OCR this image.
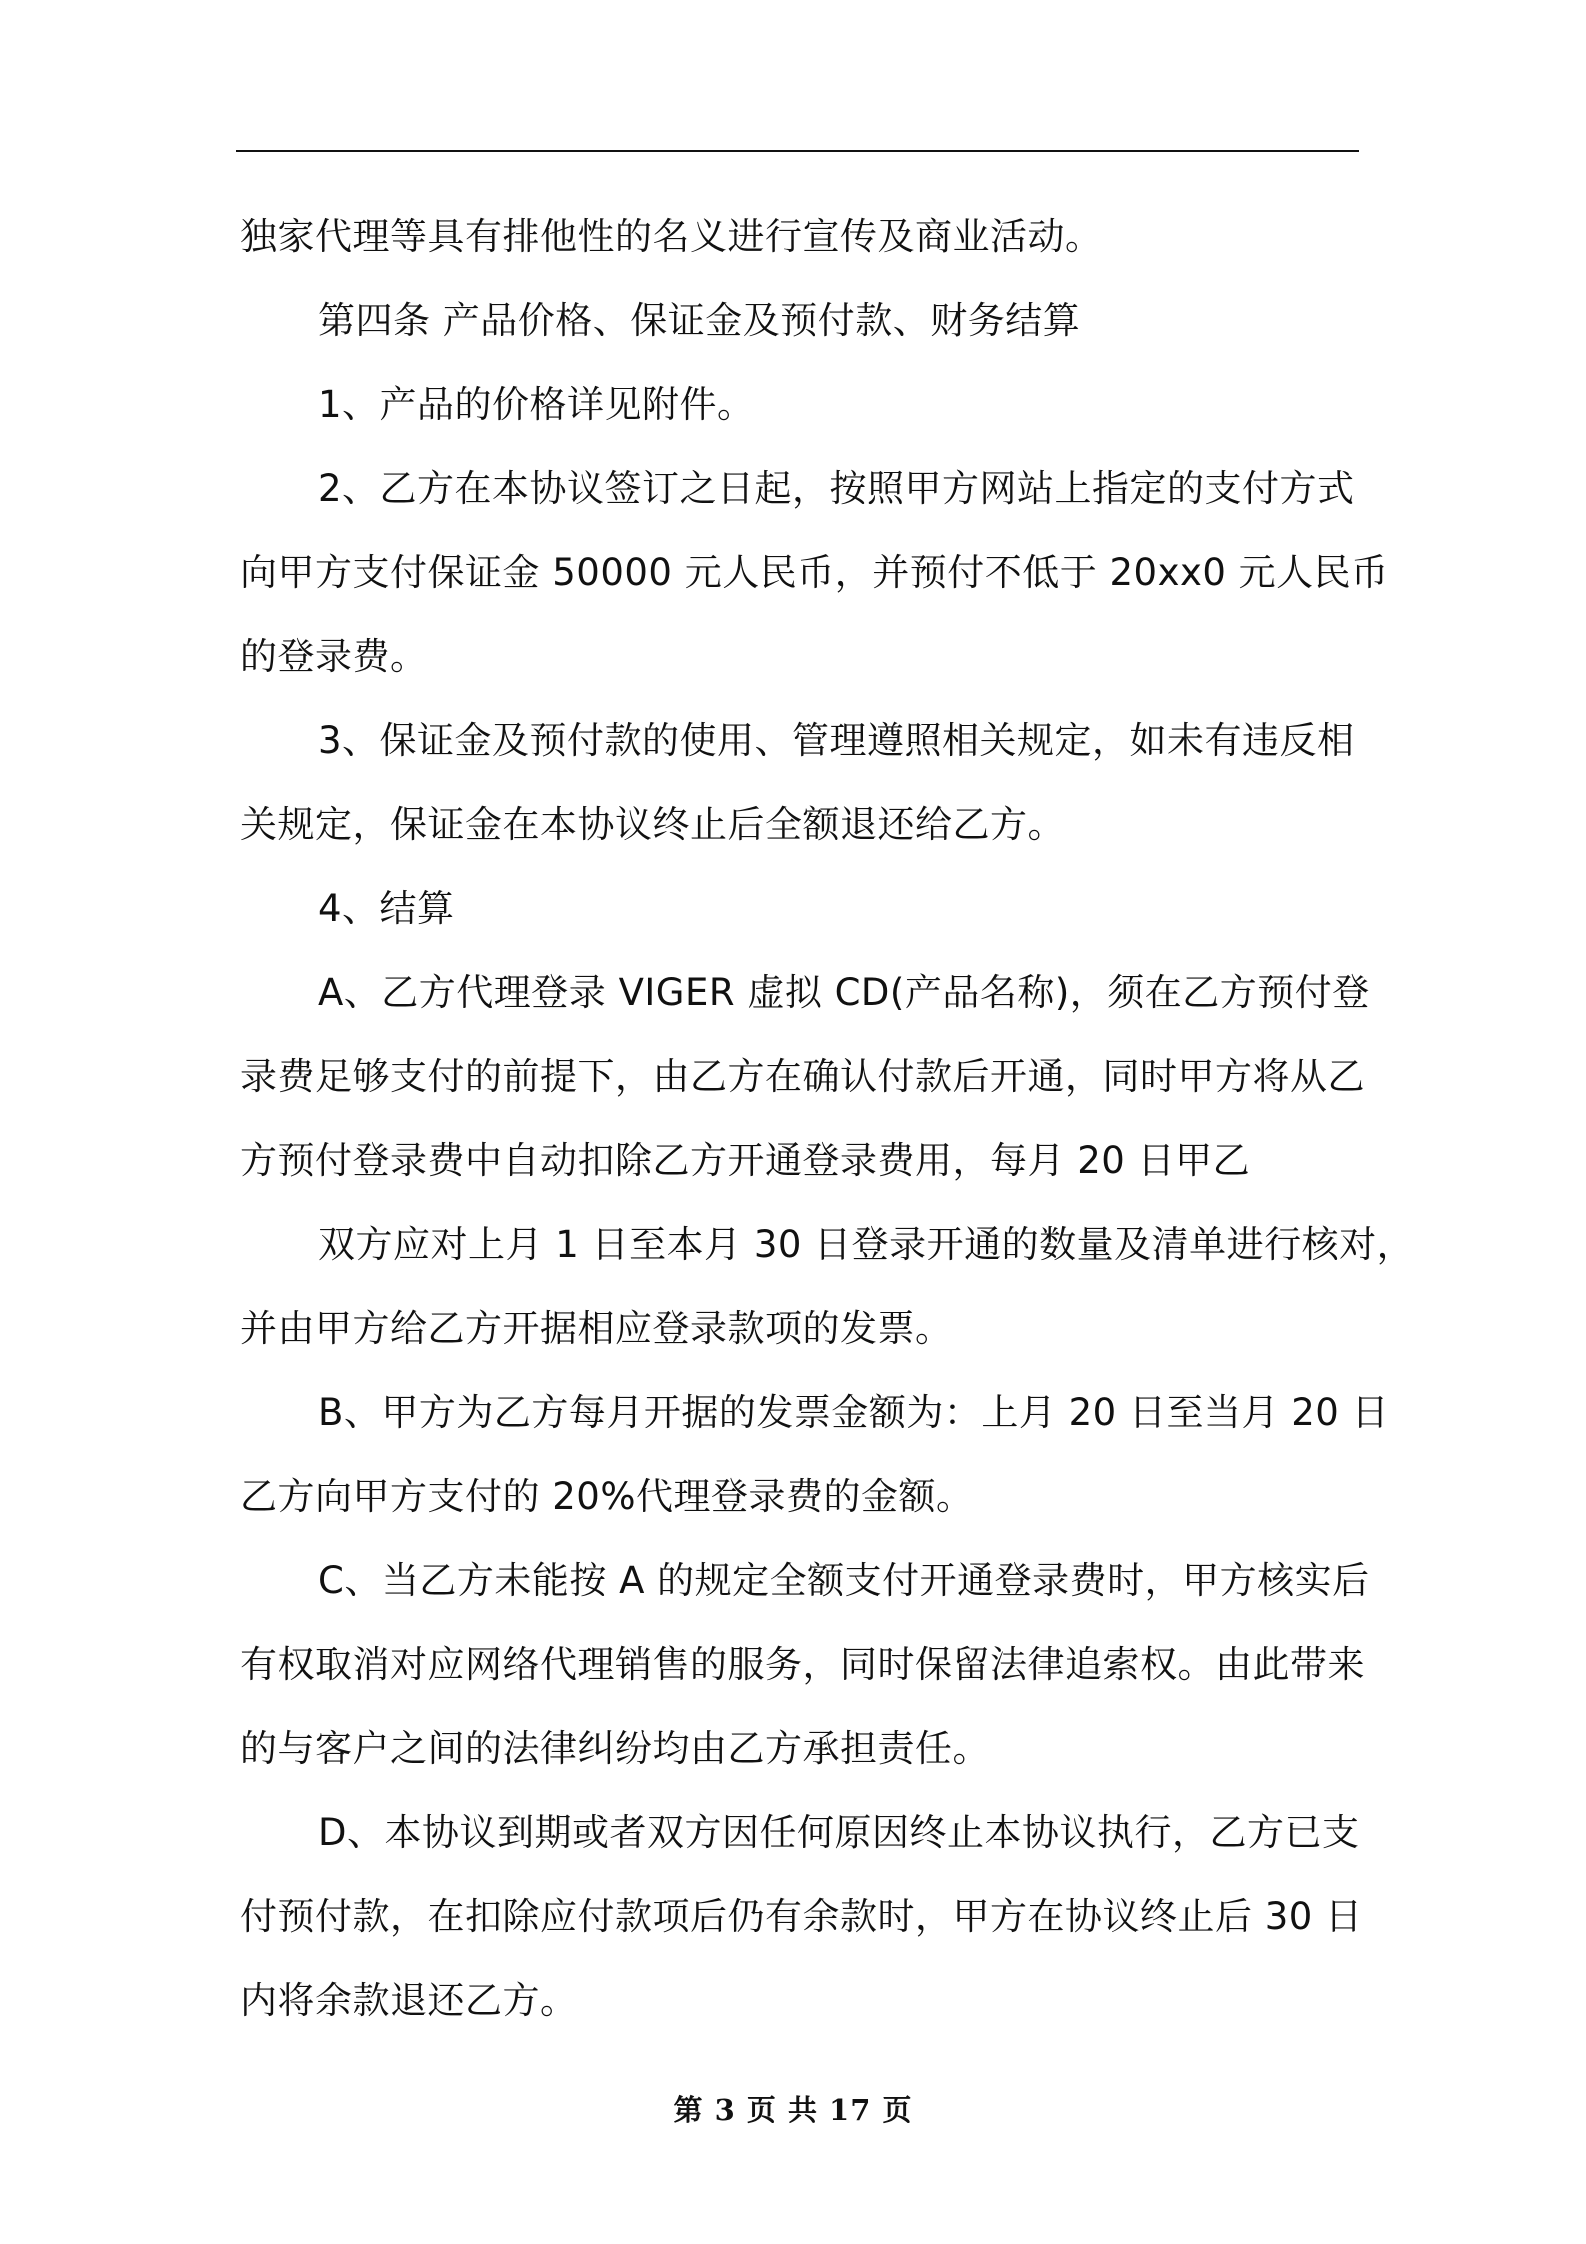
独家代理等具有排他性的名义进行宣传及商业活动。
第四条 产品价格、保证金及预付款、财务结算
1、产品的价格详见附件。
2、乙方在本协议签订之日起，按照甲方网站上指定的支付方式
向甲方支付保证金 50000 元人民币，并预付不低于 20xx0 元人民币
的登录费。
3、保证金及预付款的使用、管理遵照相关规定，如未有违反相
关规定，保证金在本协议终止后全额退还给乙方。
4、结算
A、乙方代理登录 VIGER 虚拟 CD(产品名称)，须在乙方预付登
录费足够支付的前提下，由乙方在确认付款后开通，同时甲方将从乙
方预付登录费中自动扣除乙方开通登录费用，每月 20 日甲乙
双方应对上月 1 日至本月 30 日登录开通的数量及清单进行核对，
并由甲方给乙方开据相应登录款项的发票。
B、甲方为乙方每月开据的发票金额为：上月 20 日至当月 20 日
乙方向甲方支付的 20%代理登录费的金额。
C、当乙方未能按 A 的规定全额支付开通登录费时，甲方核实后
有权取消对应网络代理销售的服务，同时保留法律追索权。由此带来
的与客户之间的法律纠纷均由乙方承担责任。
D、本协议到期或者双方因任何原因终止本协议执行，乙方已支
付预付款，在扣除应付款项后仍有余款时，甲方在协议终止后 30 日
内将余款退还乙方。
第 3 页 共 17 页
